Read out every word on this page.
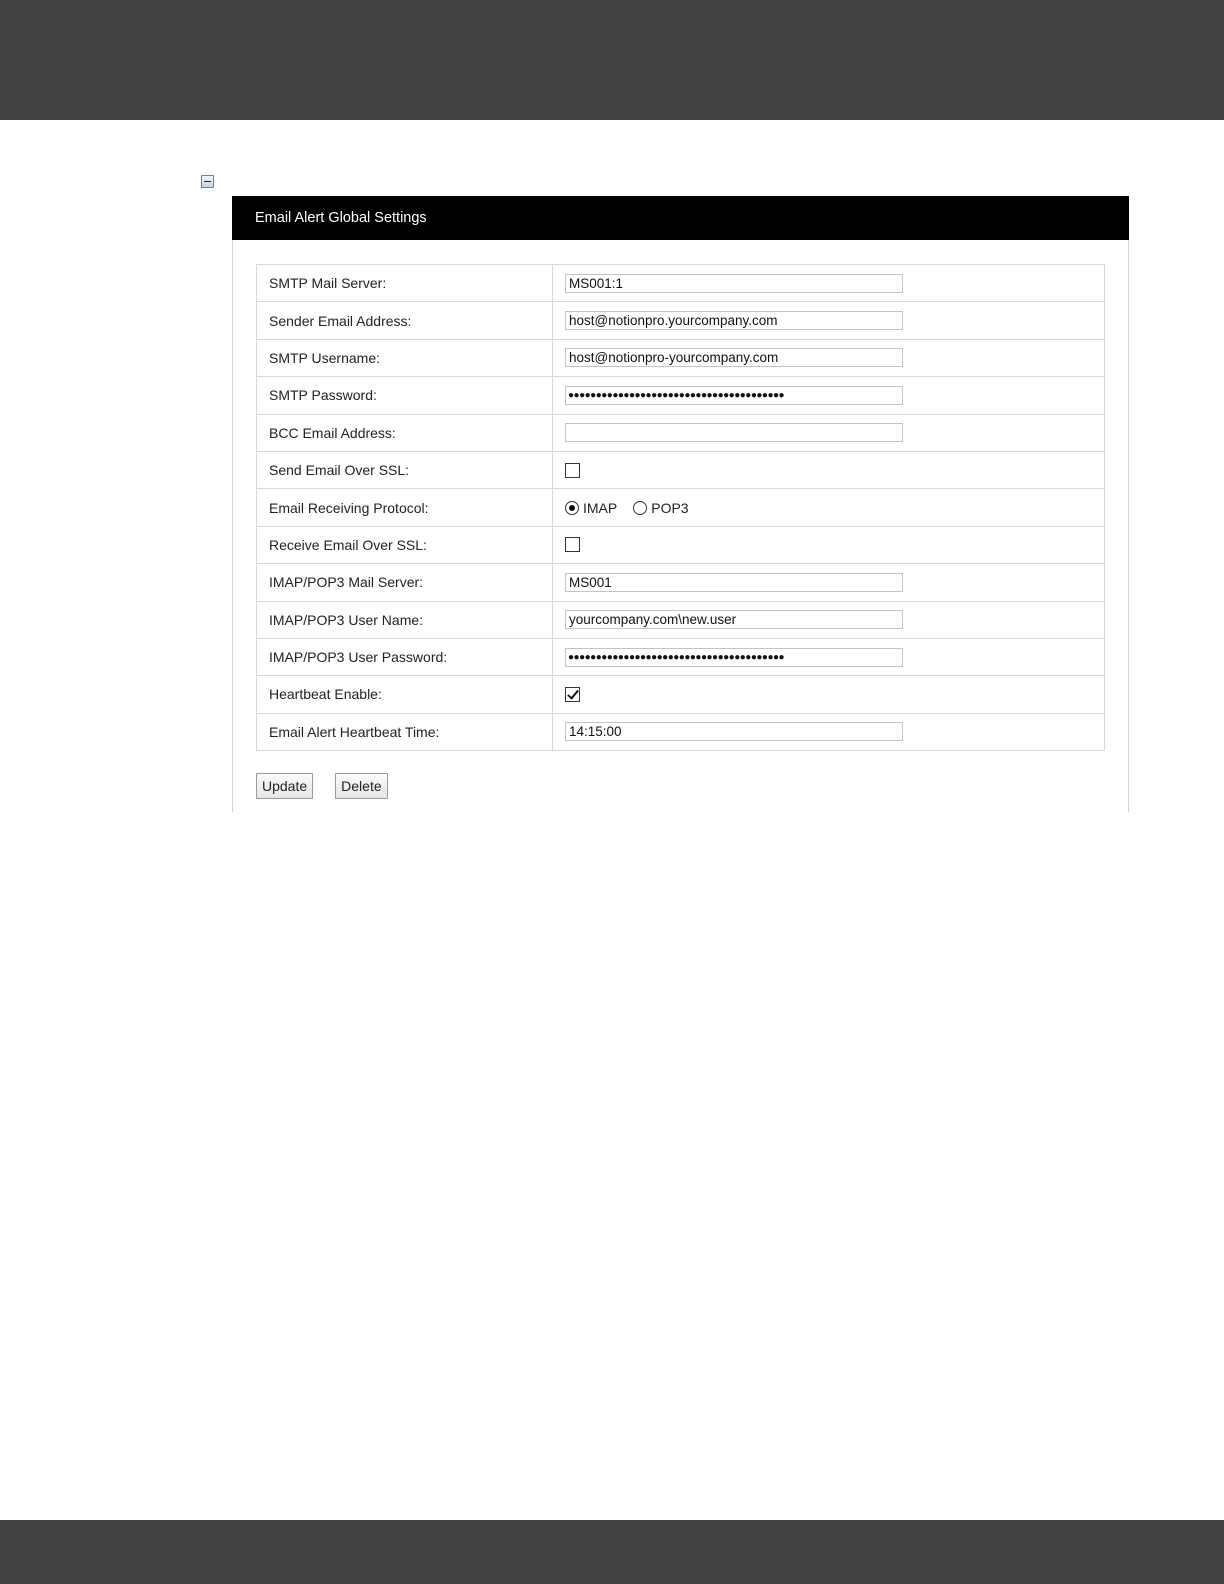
Email Alert Global Settings
SMTP Mail Server:	
MS001:1
Sender Email Address:	
host@notionpro.yourcompany.com
SMTP Username:	
host@notionpro-yourcompany.com
SMTP Password:	
●●●●●●●●●●●●●●●●●●●●●●●●●●●●●●●●●●●●●●●
BCC Email Address:	

Send Email Over SSL:	

Email Receiving Protocol:	IMAP POP3

Receive Email Over SSL:	

IMAP/POP3 Mail Server:	
MS001
IMAP/POP3 User Name:	
yourcompany.com\new.user
IMAP/POP3 User Password:	
●●●●●●●●●●●●●●●●●●●●●●●●●●●●●●●●●●●●●●●
Heartbeat Enable:	

Email Alert Heartbeat Time:	
14:15:00
Update	Delete
